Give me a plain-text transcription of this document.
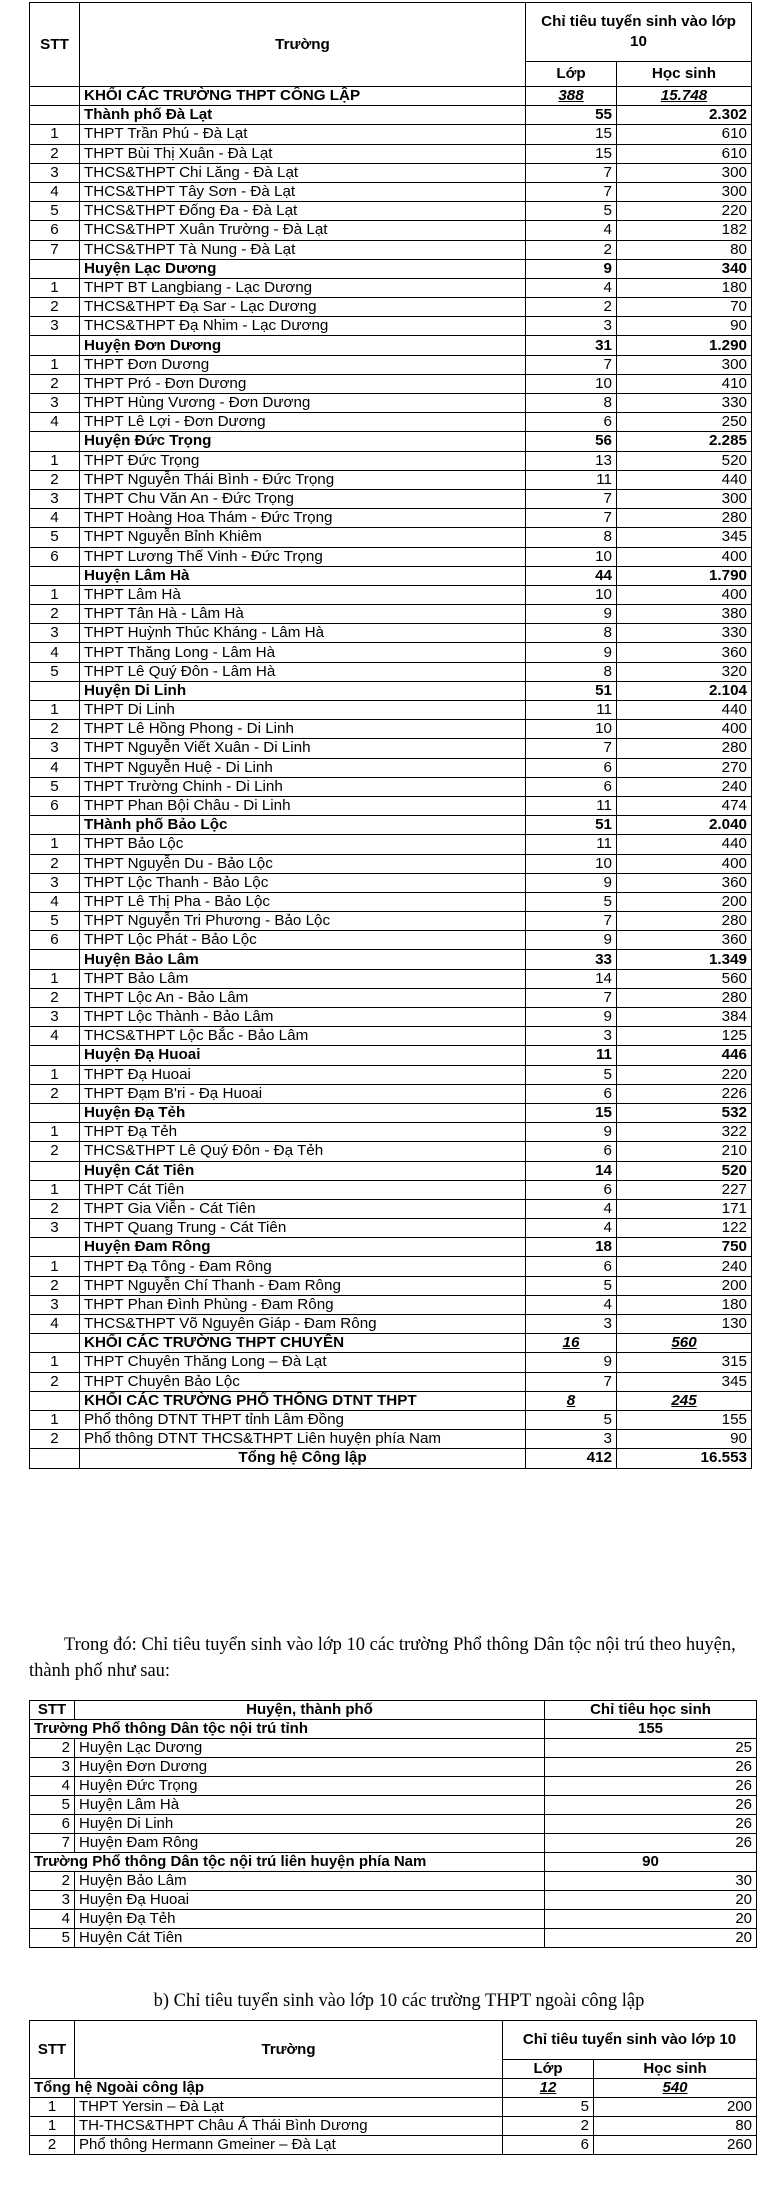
STT	Trường	Chỉ tiêu tuyển sinh vào lớp 10	
		Lớp	Học sinh
	KHỐI CÁC TRƯỜNG THPT CÔNG LẬP	388	15.748
	Thành phố Đà Lạt	55	2.302
1	THPT Trần Phú - Đà Lạt	15	610
2	THPT Bùi Thị Xuân - Đà Lạt	15	610
3	THCS&THPT Chi Lăng - Đà Lạt	7	300
4	THCS&THPT Tây Sơn - Đà Lạt	7	300
5	THCS&THPT Đống Đa - Đà Lạt	5	220
6	THCS&THPT Xuân Trường - Đà Lạt	4	182
7	THCS&THPT Tà Nung - Đà Lạt	2	80
	Huyện Lạc Dương	9	340
1	THPT BT Langbiang - Lạc Dương	4	180
2	THCS&THPT Đạ Sar - Lạc Dương	2	70
3	THCS&THPT Đạ Nhim - Lạc Dương	3	90
	Huyện Đơn Dương	31	1.290
1	THPT Đơn Dương	7	300
2	THPT Pró - Đơn Dương	10	410
3	THPT Hùng Vương - Đơn Dương	8	330
4	THPT Lê Lợi - Đơn Dương	6	250
	Huyện Đức Trọng	56	2.285
1	THPT Đức Trọng	13	520
2	THPT Nguyễn Thái Bình - Đức Trọng	11	440
3	THPT Chu Văn An - Đức Trọng	7	300
4	THPT Hoàng Hoa Thám - Đức Trọng	7	280
5	THPT Nguyễn Bỉnh Khiêm	8	345
6	THPT Lương Thế Vinh - Đức Trọng	10	400
	Huyện Lâm Hà	44	1.790
1	THPT Lâm Hà	10	400
2	THPT Tân Hà - Lâm Hà	9	380
3	THPT Huỳnh Thúc Kháng - Lâm Hà	8	330
4	THPT Thăng Long - Lâm Hà	9	360
5	THPT Lê Quý Đôn - Lâm Hà	8	320
	Huyện Di Linh	51	2.104
1	THPT Di Linh	11	440
2	THPT Lê Hồng Phong - Di Linh	10	400
3	THPT Nguyễn Viết Xuân - Di Linh	7	280
4	THPT Nguyễn Huệ - Di Linh	6	270
5	THPT Trường Chinh - Di Linh	6	240
6	THPT Phan Bội Châu - Di Linh	11	474
	THành phố Bảo Lộc	51	2.040
1	THPT Bảo Lộc	11	440
2	THPT Nguyễn Du - Bảo Lộc	10	400
3	THPT Lộc Thanh - Bảo Lộc	9	360
4	THPT Lê Thị Pha - Bảo Lộc	5	200
5	THPT Nguyễn Tri Phương - Bảo Lộc	7	280
6	THPT Lộc Phát - Bảo Lộc	9	360
	Huyện Bảo Lâm	33	1.349
1	THPT Bảo Lâm	14	560
2	THPT Lộc An - Bảo Lâm	7	280
3	THPT Lộc Thành - Bảo Lâm	9	384
4	THCS&THPT Lộc Bắc - Bảo Lâm	3	125
	Huyện Đạ Huoai	11	446
1	THPT Đạ Huoai	5	220
2	THPT Đạm B'ri - Đạ Huoai	6	226
	Huyện Đạ Tẻh	15	532
1	THPT Đạ Tẻh	9	322
2	THCS&THPT Lê Quý Đôn - Đạ Tẻh	6	210
	Huyện Cát Tiên	14	520
1	THPT Cát Tiên	6	227
2	THPT Gia Viễn - Cát Tiên	4	171
3	THPT Quang Trung - Cát Tiên	4	122
	Huyện Đam Rông	18	750
1	THPT Đạ Tông - Đam Rông	6	240
2	THPT Nguyễn Chí Thanh - Đam Rông	5	200
3	THPT Phan Đình Phùng - Đam Rông	4	180
4	THCS&THPT Võ Nguyên Giáp - Đam Rông	3	130
	KHỐI CÁC TRƯỜNG THPT CHUYÊN	16	560
1	THPT Chuyên Thăng Long – Đà Lạt	9	315
2	THPT Chuyên Bảo Lộc	7	345
	KHỐI CÁC TRƯỜNG PHỔ THÔNG DTNT THPT	8	245
1	Phổ thông DTNT THPT tỉnh Lâm Đồng	5	155
2	Phổ thông DTNT THCS&THPT Liên huyện phía Nam	3	90
	Tổng hệ Công lập	412	16.553
Trong đó: Chỉ tiêu tuyển sinh vào lớp 10 các trường Phổ thông Dân tộc nội trú theo huyện, thành phố như sau:
STT	Huyện, thành phố	Chỉ tiêu học sinh
Trường Phổ thông Dân tộc nội trú tỉnh		155
2	Huyện Lạc Dương	25
3	Huyện Đơn Dương	26
4	Huyện Đức Trọng	26
5	Huyện Lâm Hà	26
6	Huyện Di Linh	26
7	Huyện Đam Rông	26
Trường Phổ thông Dân tộc nội trú liên huyện phía Nam		90
2	Huyện Bảo Lâm	30
3	Huyện Đạ Huoai	20
4	Huyện Đạ Tẻh	20
5	Huyện Cát Tiên	20
b) Chỉ tiêu tuyển sinh vào lớp 10 các trường THPT ngoài công lập
STT	Trường	Chỉ tiêu tuyển sinh vào lớp 10	
		Lớp	Học sinh
Tổng hệ Ngoài công lập		12	540
1	THPT Yersin – Đà Lạt	5	200
1	TH-THCS&THPT Châu Á Thái Bình Dương	2	80
2	Phổ thông Hermann Gmeiner – Đà Lạt	6	260
